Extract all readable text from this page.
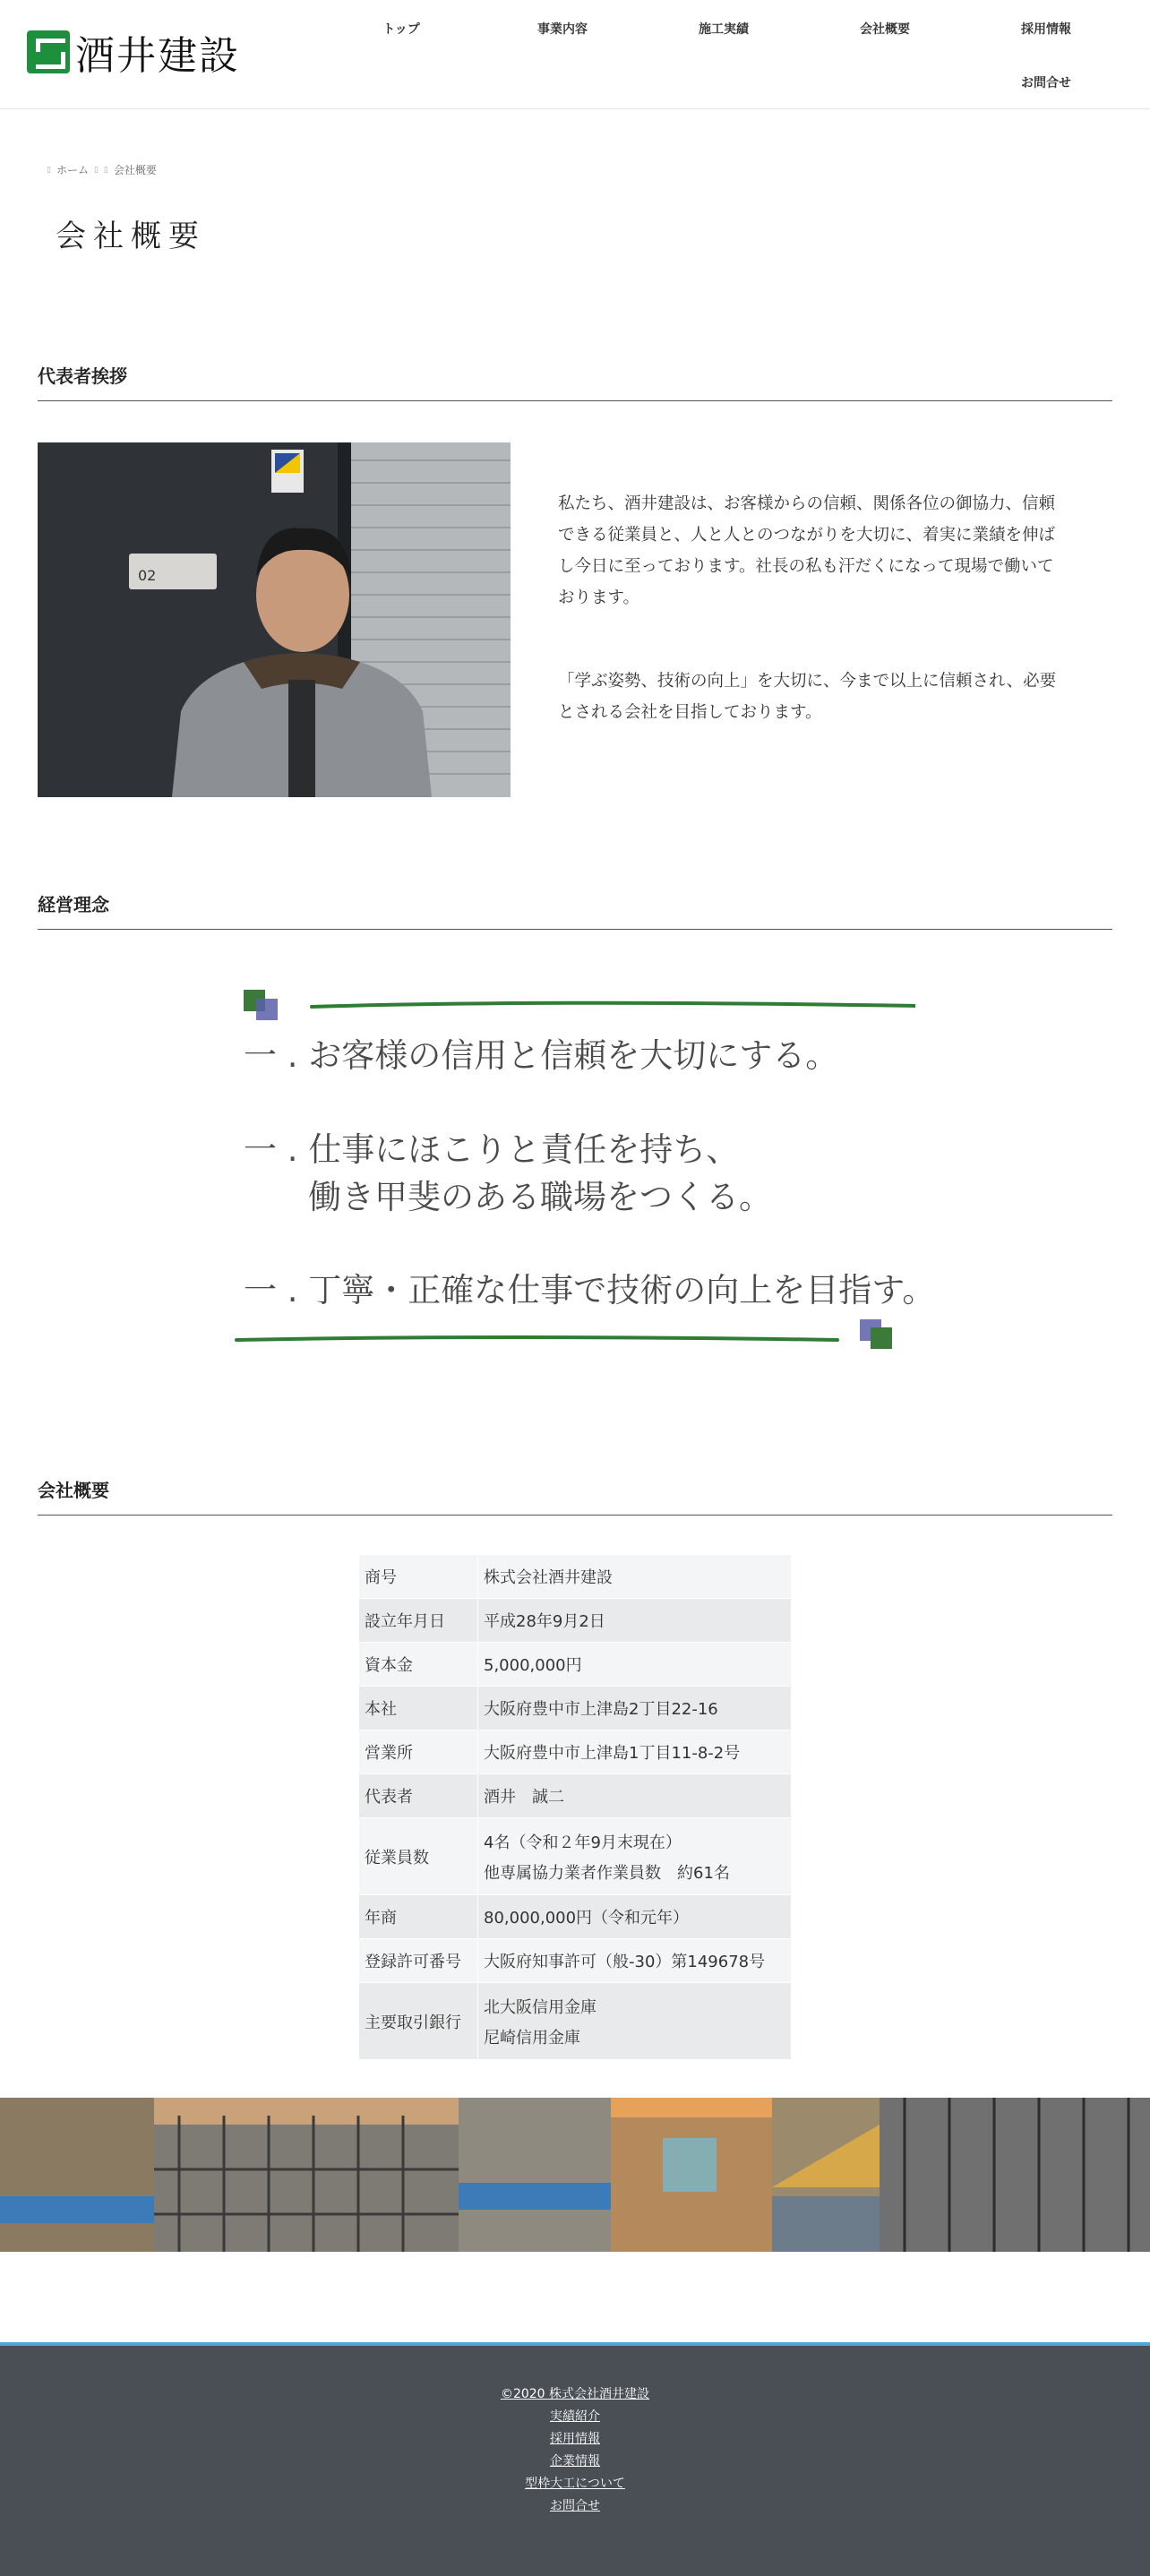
酒井建設
トップ	事業内容	施工実績	会社概要	採用情報
お問合せ
▯ ホーム ▯ ▯ 会社概要
会社概要
代表者挨拶
02
私たち、酒井建設は、お客様からの信頼、関係各位の御協力、信頼できる従業員と、人と人とのつながりを大切に、着実に業績を伸ばし今日に至っております。社長の私も汗だくになって現場で働いております。
「学ぶ姿勢、技術の向上」を大切に、今まで以上に信頼され、必要とされる会社を目指しております。
経営理念
一 . お客様の信用と信頼を大切にする。
一 . 仕事にほこりと責任を持ち、
働き甲斐のある職場をつくる。
一 . 丁寧・正確な仕事で技術の向上を目指す。
会社概要
商号	株式会社酒井建設
設立年月日	平成28年9月2日
資本金	5,000,000円
本社	大阪府豊中市上津島2丁目22-16
営業所	大阪府豊中市上津島1丁目11-8-2号
代表者	酒井　誠二
従業員数	4名（令和２年9月末現在）
他専属協力業者作業員数　約61名

年商	80,000,000円（令和元年）
登録許可番号	大阪府知事許可（般-30）第149678号
主要取引銀行	北大阪信用金庫
尼崎信用金庫
©2020 株式会社酒井建設
実績紹介
採用情報
企業情報
型枠大工について
お問合せ
